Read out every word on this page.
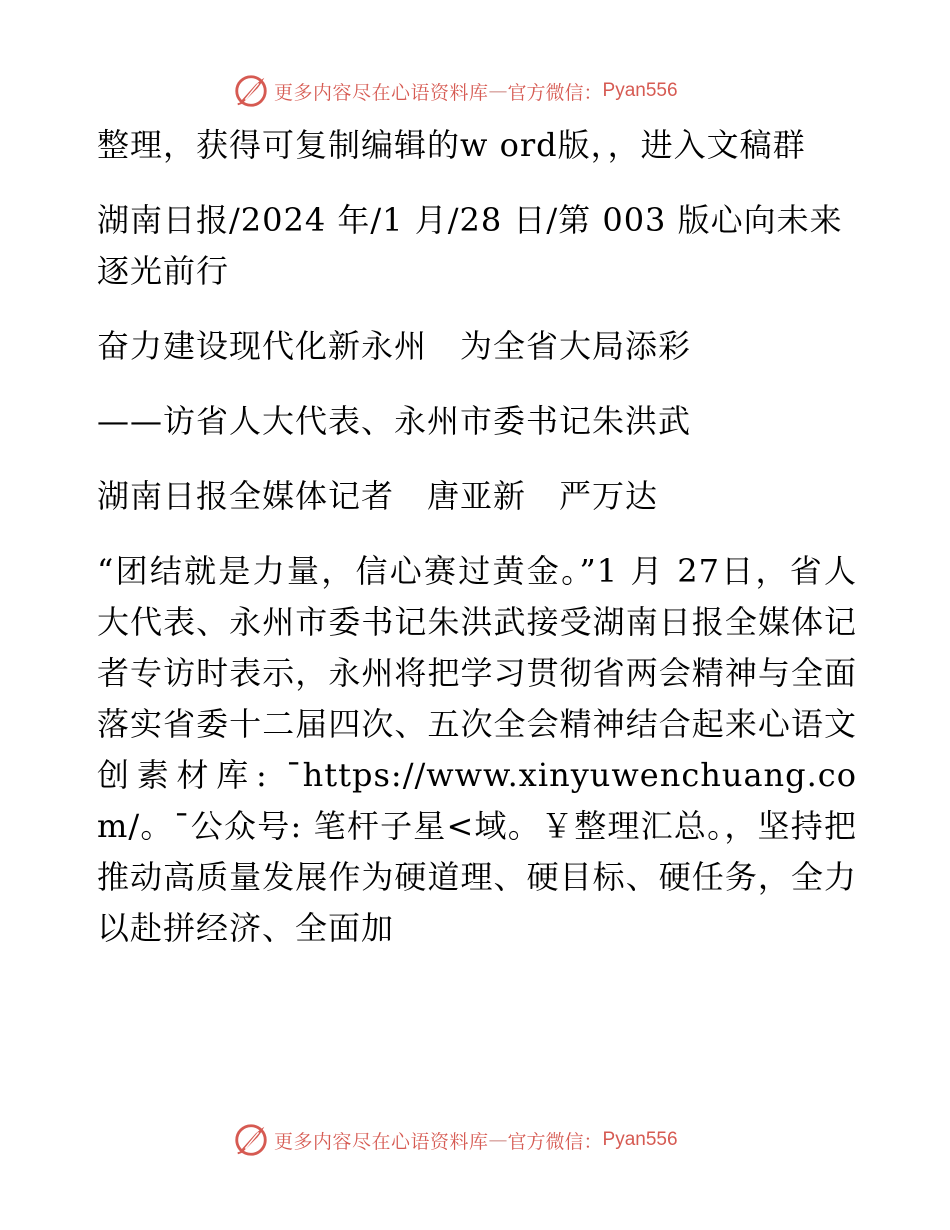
更多内容尽在心语资料库 — 官方微信： Pyan556

整理，获得可复制编辑的w ord版，，进入文稿群

湖南日报/2024 年/1 月/28 日/第 003 版心向未来 逐光前行

奋力建设现代化新永州　为全省大局添彩

——访省人大代表、永州市委书记朱洪武

湖南日报全媒体记者　唐亚新　严万达

“团结就是力量，信心赛过黄金。”1 月 27日，省人大代表、永州市委书记朱洪武接受湖南日报全媒体记者专访时表示，永州将把学习贯彻省两会精神与全面落实省委十二届四次、五次全会精神结合起来心语文创素材库: ¯https://www.xinyuwenchuang.com/。¯公众号: 笔杆子星<域。￥整理汇总。，坚持把推动高质量发展作为硬道理、硬目标、硬任务，全力以赴拼经济、全面加

更多内容尽在心语资料库 — 官方微信： Pyan556
